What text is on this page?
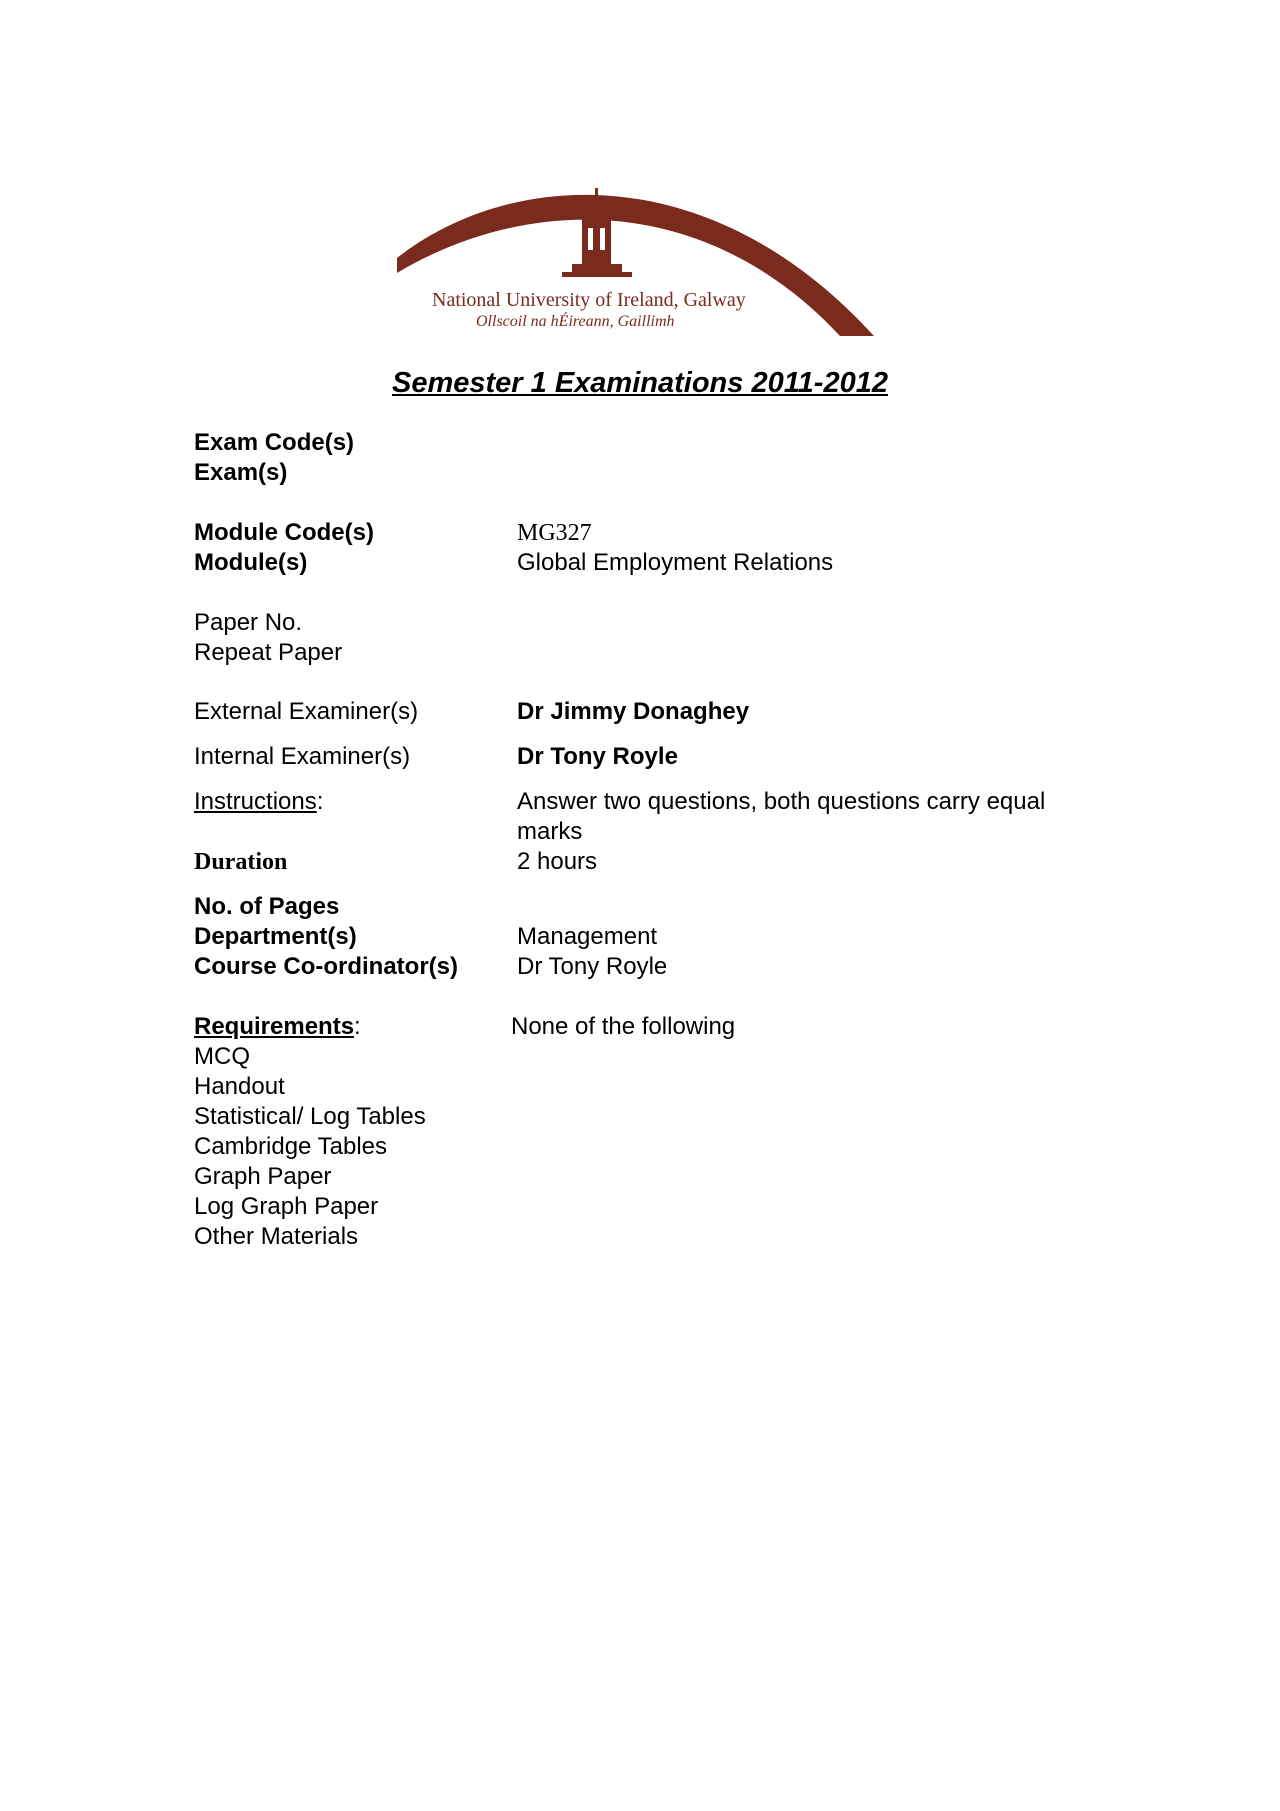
National University of Ireland, Galway
Ollscoil na hÉireann, Gaillimh
Semester 1 Examinations 2011-2012
Exam Code(s)
Exam(s)
Module Code(s)	MG327
Module(s)	Global Employment Relations
Paper No.
Repeat Paper
External Examiner(s)	Dr Jimmy Donaghey
Internal Examiner(s)	Dr Tony Royle
Instructions:	Answer two questions, both questions carry equal marks
Duration	2 hours
No. of Pages
Department(s)	Management
Course Co-ordinator(s) Dr Tony Royle
Requirements:	None of the following
MCQ
Handout
Statistical/ Log Tables
Cambridge Tables
Graph Paper
Log Graph Paper
Other Materials
